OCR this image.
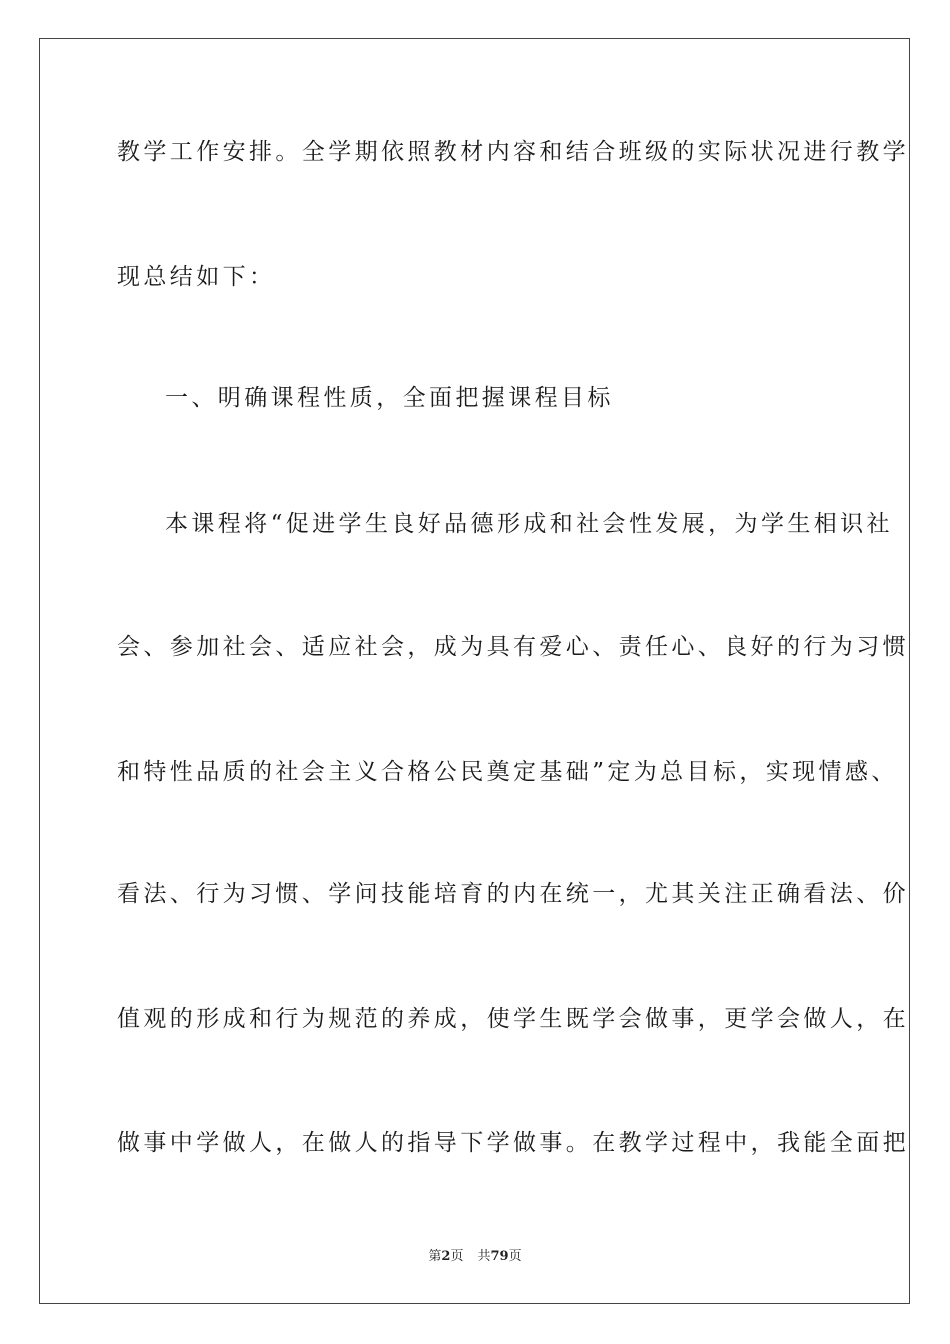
教学工作安排。全学期依照教材内容和结合班级的实际状况进行教学

现总结如下：

一、明确课程性质，全面把握课程目标

本课程将“促进学生良好品德形成和社会性发展，为学生相识社

会、参加社会、适应社会，成为具有爱心、责任心、良好的行为习惯

和特性品质的社会主义合格公民奠定基础”定为总目标，实现情感、

看法、行为习惯、学问技能培育的内在统一，尤其关注正确看法、价

值观的形成和行为规范的养成，使学生既学会做事，更学会做人，在

做事中学做人，在做人的指导下学做事。在教学过程中，我能全面把

第2页 共79页
